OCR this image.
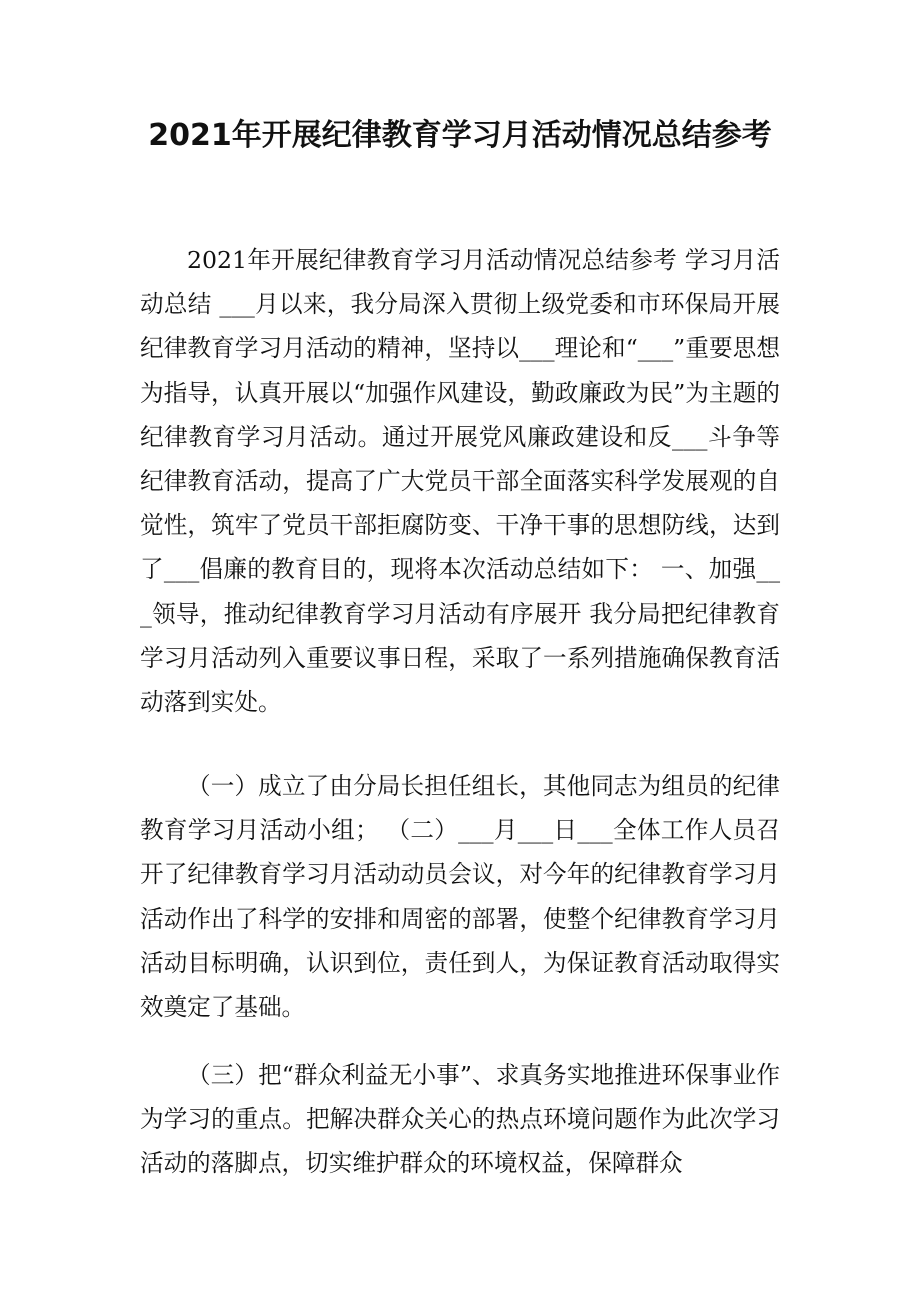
2021年开展纪律教育学习月活动情况总结参考

2021年开展纪律教育学习月活动情况总结参考 学习月活动总结 ___月以来，我分局深入贯彻上级党委和市环保局开展纪律教育学习月活动的精神，坚持以___理论和“___”重要思想为指导，认真开展以“加强作风建设，勤政廉政为民”为主题的纪律教育学习月活动。通过开展党风廉政建设和反___斗争等纪律教育活动，提高了广大党员干部全面落实科学发展观的自觉性，筑牢了党员干部拒腐防变、干净干事的思想防线，达到了___倡廉的教育目的，现将本次活动总结如下： 一、加强___领导，推动纪律教育学习月活动有序展开 我分局把纪律教育学习月活动列入重要议事日程，采取了一系列措施确保教育活动落到实处。

（一）成立了由分局长担任组长，其他同志为组员的纪律教育学习月活动小组； （二）___月___日___全体工作人员召开了纪律教育学习月活动动员会议，对今年的纪律教育学习月活动作出了科学的安排和周密的部署，使整个纪律教育学习月活动目标明确，认识到位，责任到人，为保证教育活动取得实效奠定了基础。

（三）把“群众利益无小事”、求真务实地推进环保事业作为学习的重点。把解决群众关心的热点环境问题作为此次学习活动的落脚点，切实维护群众的环境权益，保障群众
